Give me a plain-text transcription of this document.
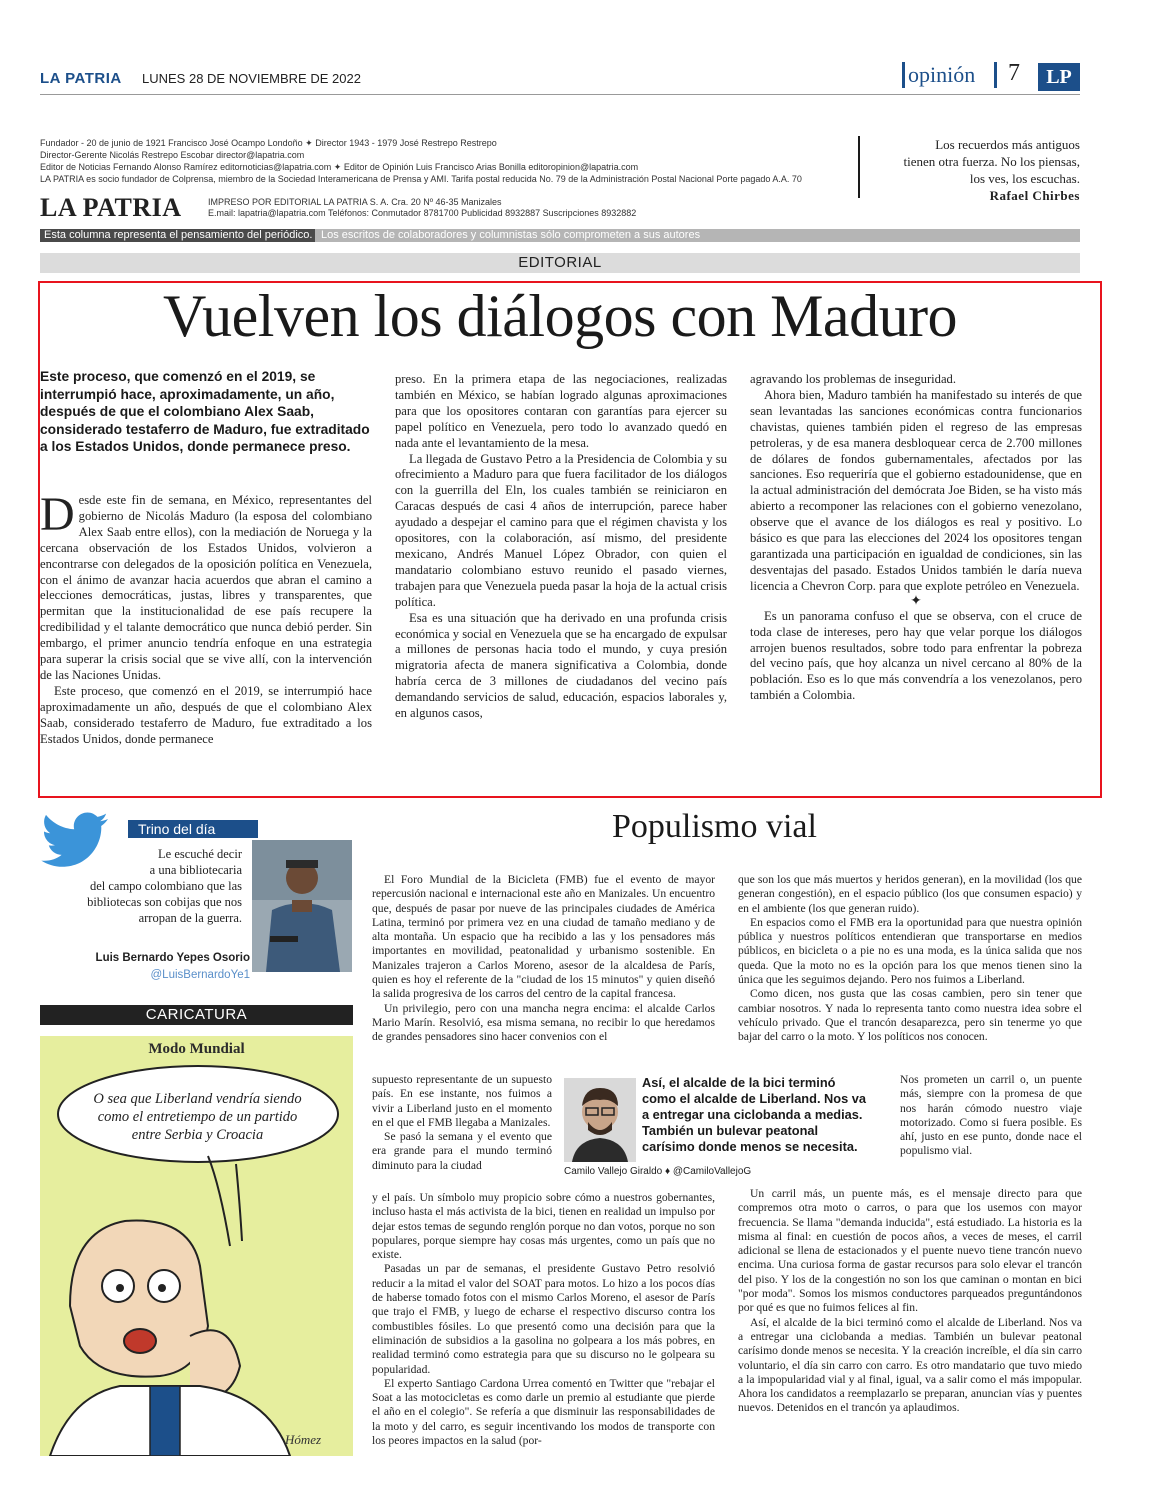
LA PATRIA LUNES 28 DE NOVIEMBRE DE 2022	opinión 7	LP
Fundador - 20 de junio de 1921 Francisco José Ocampo Londoño ✦ Director 1943 - 1979 José Restrepo Restrepo
Director-Gerente Nicolás Restrepo Escobar director@lapatria.com
Editor de Noticias Fernando Alonso Ramírez editornoticias@lapatria.com ✦ Editor de Opinión Luis Francisco Arias Bonilla editoropinion@lapatria.com
LA PATRIA es socio fundador de Colprensa, miembro de la Sociedad Interamericana de Prensa y AMI. Tarifa postal reducida No. 79 de la Administración Postal Nacional Porte pagado A.A. 70
LA PATRIA	IMPRESO POR EDITORIAL LA PATRIA S. A. Cra. 20 Nº 46-35 Manizales
E.mail: lapatria@lapatria.com Teléfonos: Conmutador 8781700 Publicidad 8932887 Suscripciones 8932882
Los recuerdos más antiguos
tienen otra fuerza. No los piensas,
los ves, los escuchas.
Rafael Chirbes
Esta columna representa el pensamiento del periódico. Los escritos de colaboradores y columnistas sólo comprometen a sus autores
EDITORIAL
Vuelven los diálogos con Maduro
Este proceso, que comenzó en el 2019, se interrumpió hace, aproximadamente, un año, después de que el colombiano Alex Saab, considerado testaferro de Maduro, fue extraditado a los Estados Unidos, donde permanece preso.

Desde este fin de semana, en México, representantes del gobierno de Nicolás Maduro (la esposa del colombiano Alex Saab entre ellos), con la mediación de Noruega y la cercana observación de los Estados Unidos, volvieron a encontrarse con delegados de la oposición política en Venezuela, con el ánimo de avanzar hacia acuerdos que abran el camino a elecciones democráticas, justas, libres y transparentes, que permitan que la institucionalidad de ese país recupere la credibilidad y el talante democrático que nunca debió perder. Sin embargo, el primer anuncio tendría enfoque en una estrategia para superar la crisis social que se vive allí, con la intervención de las Naciones Unidas.

Este proceso, que comenzó en el 2019, se interrumpió hace aproximadamente un año, después de que el colombiano Alex Saab, considerado testaferro de Maduro, fue extraditado a los Estados Unidos, donde permanece

preso. En la primera etapa de las negociaciones, realizadas también en México, se habían logrado algunas aproximaciones para que los opositores contaran con garantías para ejercer su papel político en Venezuela, pero todo lo avanzado quedó en nada ante el levantamiento de la mesa.

La llegada de Gustavo Petro a la Presidencia de Colombia y su ofrecimiento a Maduro para que fuera facilitador de los diálogos con la guerrilla del Eln, los cuales también se reiniciaron en Caracas después de casi 4 años de interrupción, parece haber ayudado a despejar el camino para que el régimen chavista y los opositores, con la colaboración, así mismo, del presidente mexicano, Andrés Manuel López Obrador, con quien el mandatario colombiano estuvo reunido el pasado viernes, trabajen para que Venezuela pueda pasar la hoja de la actual crisis política.

Esa es una situación que ha derivado en una profunda crisis económica y social en Venezuela que se ha encargado de expulsar a millones de personas hacia todo el mundo, y cuya presión migratoria afecta de manera significativa a Colombia, donde habría cerca de 3 millones de ciudadanos del vecino país demandando servicios de salud, educación, espacios laborales y, en algunos casos,

agravando los problemas de inseguridad.

Ahora bien, Maduro también ha manifestado su interés de que sean levantadas las sanciones económicas contra funcionarios chavistas, quienes también piden el regreso de las empresas petroleras, y de esa manera desbloquear cerca de 2.700 millones de dólares de fondos gubernamentales, afectados por las sanciones. Eso requeriría que el gobierno estadounidense, que en la actual administración del demócrata Joe Biden, se ha visto más abierto a recomponer las relaciones con el gobierno venezolano, observe que el avance de los diálogos es real y positivo. Lo básico es que para las elecciones del 2024 los opositores tengan garantizada una participación en igualdad de condiciones, sin las desventajas del pasado. Estados Unidos también le daría nueva licencia a Chevron Corp. para que explote petróleo en Venezuela.

✦

Es un panorama confuso el que se observa, con el cruce de toda clase de intereses, pero hay que velar porque los diálogos arrojen buenos resultados, sobre todo para enfrentar la pobreza del vecino país, que hoy alcanza un nivel cercano al 80% de la población. Eso es lo que más convendría a los venezolanos, pero también a Colombia.

Trino del día
Le escuché decir
a una bibliotecaria
del campo colombiano que las
bibliotecas son cobijas que nos
arropan de la guerra.
Luis Bernardo Yepes Osorio
@LuisBernardoYe1
CARICATURA
Hómez
Modo Mundial
O sea que Liberland vendría siendo
como el entretiempo de un partido
entre Serbia y Croacia
Populismo vial

El Foro Mundial de la Bicicleta (FMB) fue el evento de mayor repercusión nacional e internacional este año en Manizales. Un encuentro que, después de pasar por nueve de las principales ciudades de América Latina, terminó por primera vez en una ciudad de tamaño mediano y de alta montaña. Un espacio que ha recibido a las y los pensadores más importantes en movilidad, peatonalidad y urbanismo sostenible. En Manizales trajeron a Carlos Moreno, asesor de la alcaldesa de París, quien es hoy el referente de la "ciudad de los 15 minutos" y quien diseñó la salida progresiva de los carros del centro de la capital francesa.

Un privilegio, pero con una mancha negra encima: el alcalde Carlos Mario Marín. Resolvió, esa misma semana, no recibir lo que heredamos de grandes pensadores sino hacer convenios con el

supuesto representante de un supuesto país. En ese instante, nos fuimos a vivir a Liberland justo en el momento en el que el FMB llegaba a Manizales.

Se pasó la semana y el evento que era grande para el mundo terminó diminuto para la ciudad

y el país. Un símbolo muy propicio sobre cómo a nuestros gobernantes, incluso hasta el más activista de la bici, tienen en realidad un impulso por dejar estos temas de segundo renglón porque no dan votos, porque no son populares, porque siempre hay cosas más urgentes, como un país que no existe.

Pasadas un par de semanas, el presidente Gustavo Petro resolvió reducir a la mitad el valor del SOAT para motos. Lo hizo a los pocos días de haberse tomado fotos con el mismo Carlos Moreno, el asesor de París que trajo el FMB, y luego de echarse el respectivo discurso contra los combustibles fósiles. Lo que presentó como una decisión para que la eliminación de subsidios a la gasolina no golpeara a los más pobres, en realidad terminó como estrategia para que su discurso no le golpeara su popularidad.

El experto Santiago Cardona Urrea comentó en Twitter que "rebajar el Soat a las motocicletas es como darle un premio al estudiante que pierde el año en el colegio". Se refería a que disminuir las responsabilidades de la moto y del carro, es seguir incentivando los modos de transporte con los peores impactos en la salud (por-

que son los que más muertos y heridos generan), en la movilidad (los que generan congestión), en el espacio público (los que consumen espacio) y en el ambiente (los que generan ruido).

En espacios como el FMB era la oportunidad para que nuestra opinión pública y nuestros políticos entendieran que transportarse en medios públicos, en bicicleta o a pie no es una moda, es la única salida que nos queda. Que la moto no es la opción para los que menos tienen sino la única que les seguimos dejando. Pero nos fuimos a Liberland.

Como dicen, nos gusta que las cosas cambien, pero sin tener que cambiar nosotros. Y nada lo representa tanto como nuestra idea sobre el vehículo privado. Que el trancón desaparezca, pero sin tenerme yo que bajar del carro o la moto. Y los políticos nos conocen.

Nos prometen un carril o, un puente más, siempre con la promesa de que nos harán cómodo nuestro viaje motorizado. Como si fuera posible. Es ahí, justo en ese punto, donde nace el populismo vial.

Un carril más, un puente más, es el mensaje directo para que compremos otra moto o carros, o para que los usemos con mayor frecuencia. Se llama "demanda inducida", está estudiado. La historia es la misma al final: en cuestión de pocos años, a veces de meses, el carril adicional se llena de estacionados y el puente nuevo tiene trancón nuevo encima. Una curiosa forma de gastar recursos para solo elevar el trancón del piso. Y los de la congestión no son los que caminan o montan en bici "por moda". Somos los mismos conductores parqueados preguntándonos por qué es que no fuimos felices al fin.

Así, el alcalde de la bici terminó como el alcalde de Liberland. Nos va a entregar una ciclobanda a medias. También un bulevar peatonal carísimo donde menos se necesita. Y la creación increíble, el día sin carro voluntario, el día sin carro con carro. Es otro mandatario que tuvo miedo a la impopularidad vial y al final, igual, va a salir como el más impopular. Ahora los candidatos a reemplazarlo se preparan, anuncian vías y puentes nuevos. Detenidos en el trancón ya aplaudimos.

Así, el alcalde de la bici terminó
como el alcalde de Liberland. Nos va
a entregar una ciclobanda a medias.
También un bulevar peatonal
carísimo donde menos se necesita.
Camilo Vallejo Giraldo ♦ @CamiloVallejoG
